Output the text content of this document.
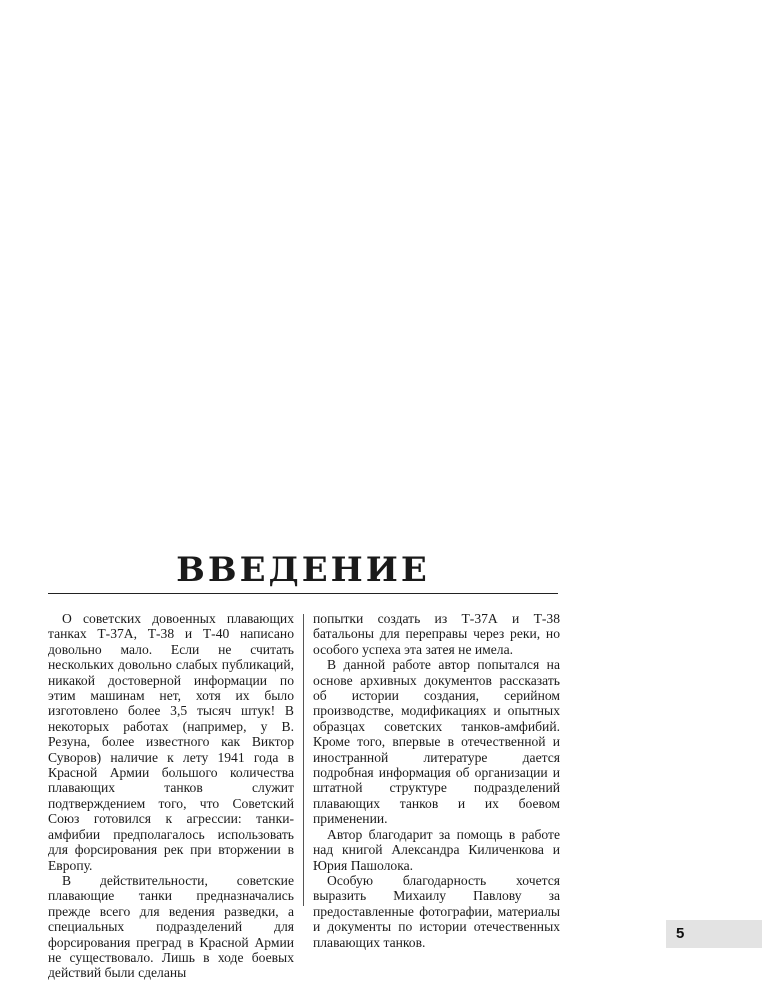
ВВЕДЕНИЕ

О советских довоенных плавающих танках Т-37А, Т-38 и Т-40 написано довольно мало. Если не считать нескольких довольно слабых публикаций, никакой достоверной информации по этим машинам нет, хотя их было изготовлено более 3,5 тысяч штук! В некоторых работах (например, у В. Резуна, более известного как Виктор Суворов) наличие к лету 1941 года в Красной Армии большого количества плавающих танков служит подтверждением того, что Советский Союз готовился к агрессии: танки-амфибии предполагалось использовать для форсирования рек при вторжении в Европу.

В действительности, советские плавающие танки предназначались прежде всего для ведения разведки, а специальных подразделений для форсирования преград в Красной Армии не существовало. Лишь в ходе боевых действий были сделаны

попытки создать из Т-37А и Т-38 батальоны для переправы через реки, но особого успеха эта затея не имела.

В данной работе автор попытался на основе архивных документов рассказать об истории создания, серийном производстве, модификациях и опытных образцах советских танков-амфибий. Кроме того, впервые в отечественной и иностранной литературе дается подробная информация об организации и штатной структуре подразделений плавающих танков и их боевом применении.

Автор благодарит за помощь в работе над книгой Александра Киличенкова и Юрия Пашолока.

Особую благодарность хочется выразить Михаилу Павлову за предоставленные фотографии, материалы и документы по истории отечественных плавающих танков.

5
